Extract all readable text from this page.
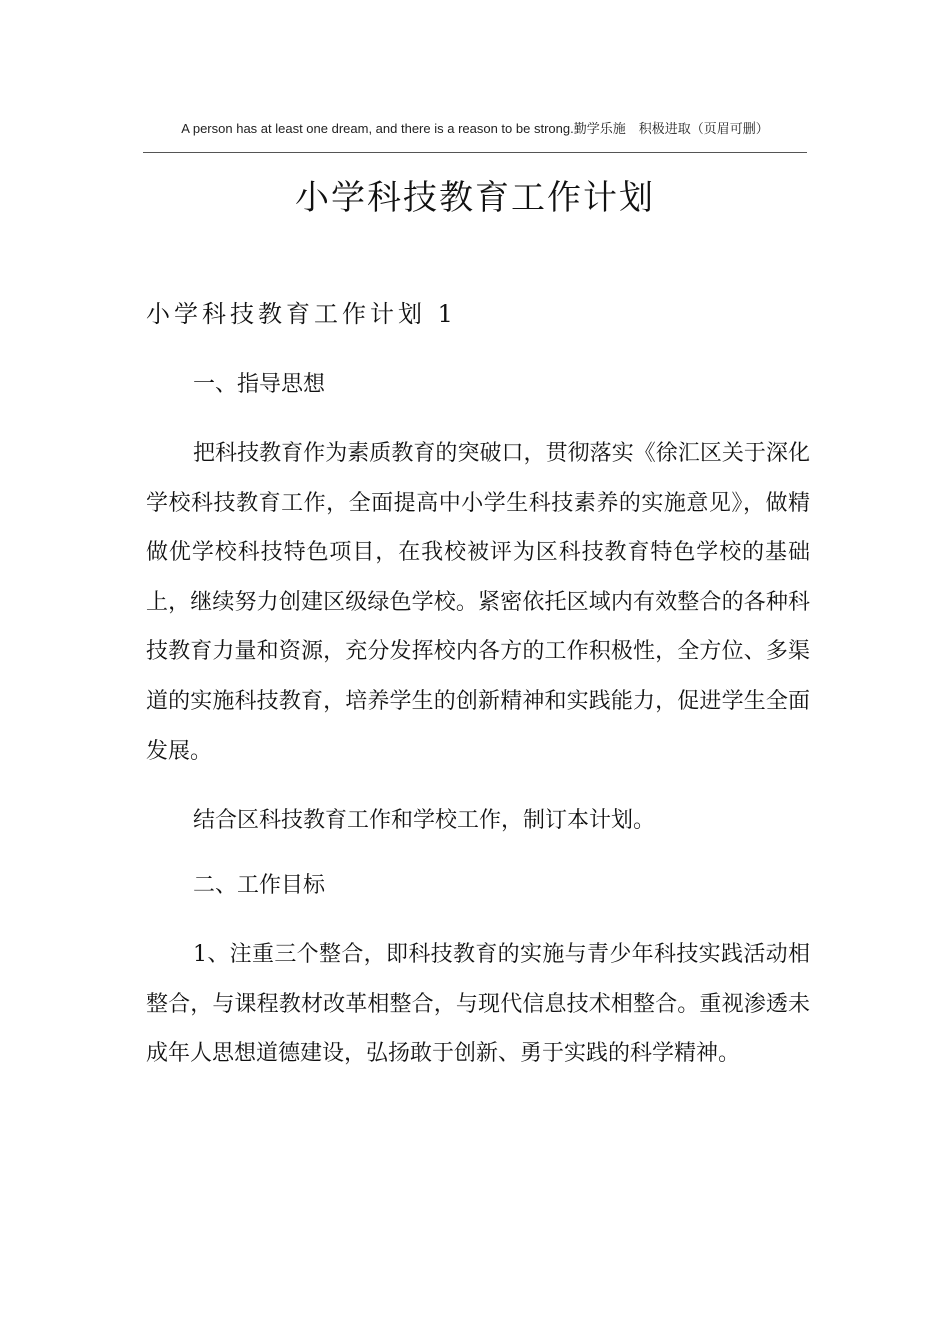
A person has at least one dream, and there is a reason to be strong.勤学乐施　积极进取（页眉可删）
小学科技教育工作计划
小学科技教育工作计划 1
一、指导思想

把科技教育作为素质教育的突破口，贯彻落实《徐汇区关于深化学校科技教育工作，全面提高中小学生科技素养的实施意见》，做精做优学校科技特色项目，在我校被评为区科技教育特色学校的基础上，继续努力创建区级绿色学校。紧密依托区域内有效整合的各种科技教育力量和资源，充分发挥校内各方的工作积极性，全方位、多渠道的实施科技教育，培养学生的创新精神和实践能力，促进学生全面发展。

结合区科技教育工作和学校工作，制订本计划。

二、工作目标

1、注重三个整合，即科技教育的实施与青少年科技实践活动相整合，与课程教材改革相整合，与现代信息技术相整合。重视渗透未成年人思想道德建设，弘扬敢于创新、勇于实践的科学精神。
